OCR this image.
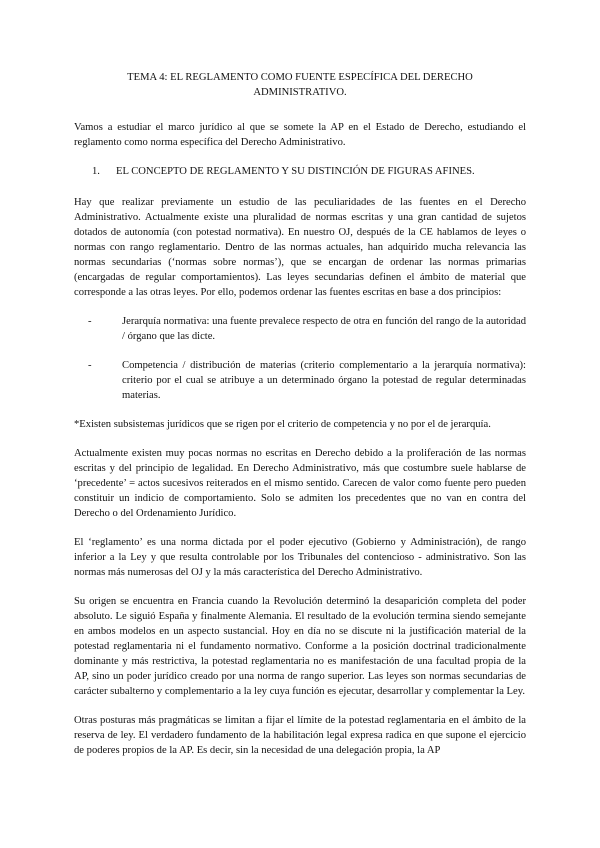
TEMA 4: EL REGLAMENTO COMO FUENTE ESPECÍFICA DEL DERECHO ADMINISTRATIVO.

Vamos a estudiar el marco jurídico al que se somete la AP en el Estado de Derecho, estudiando el reglamento como norma específica del Derecho Administrativo.

1.	EL CONCEPTO DE REGLAMENTO Y SU DISTINCIÓN DE FIGURAS AFINES.

Hay que realizar previamente un estudio de las peculiaridades de las fuentes en el Derecho Administrativo. Actualmente existe una pluralidad de normas escritas y una gran cantidad de sujetos dotados de autonomía (con potestad normativa). En nuestro OJ, después de la CE hablamos de leyes o normas con rango reglamentario. Dentro de las normas actuales, han adquirido mucha relevancia las normas secundarias (‘normas sobre normas’), que se encargan de ordenar las normas primarias (encargadas de regular comportamientos). Las leyes secundarias definen el ámbito de material que corresponde a las otras leyes. Por ello, podemos ordenar las fuentes escritas en base a dos principios:

-	Jerarquía normativa: una fuente prevalece respecto de otra en función del rango de la autoridad / órgano que las dicte.
-	Competencia / distribución de materias (criterio complementario a la jerarquía normativa): criterio por el cual se atribuye a un determinado órgano la potestad de regular determinadas materias.

*Existen subsistemas jurídicos que se rigen por el criterio de competencia y no por el de jerarquía.

Actualmente existen muy pocas normas no escritas en Derecho debido a la proliferación de las normas escritas y del principio de legalidad. En Derecho Administrativo, más que costumbre suele hablarse de ‘precedente’ = actos sucesivos reiterados en el mismo sentido. Carecen de valor como fuente pero pueden constituir un indicio de comportamiento. Solo se admiten los precedentes que no van en contra del Derecho o del Ordenamiento Jurídico.

El ‘reglamento’ es una norma dictada por el poder ejecutivo (Gobierno y Administración), de rango inferior a la Ley y que resulta controlable por los Tribunales del contencioso - administrativo. Son las normas más numerosas del OJ y la más característica del Derecho Administrativo.

Su origen se encuentra en Francia cuando la Revolución determinó la desaparición completa del poder absoluto. Le siguió España y finalmente Alemania. El resultado de la evolución termina siendo semejante en ambos modelos en un aspecto sustancial. Hoy en día no se discute ni la justificación material de la potestad reglamentaria ni el fundamento normativo. Conforme a la posición doctrinal tradicionalmente dominante y más restrictiva, la potestad reglamentaria no es manifestación de una facultad propia de la AP, sino un poder jurídico creado por una norma de rango superior. Las leyes son normas secundarias de carácter subalterno y complementario a la ley cuya función es ejecutar, desarrollar y complementar la Ley.

Otras posturas más pragmáticas se limitan a fijar el límite de la potestad reglamentaria en el ámbito de la reserva de ley. El verdadero fundamento de la habilitación legal expresa radica en que supone el ejercicio de poderes propios de la AP. Es decir, sin la necesidad de una delegación propia, la AP
